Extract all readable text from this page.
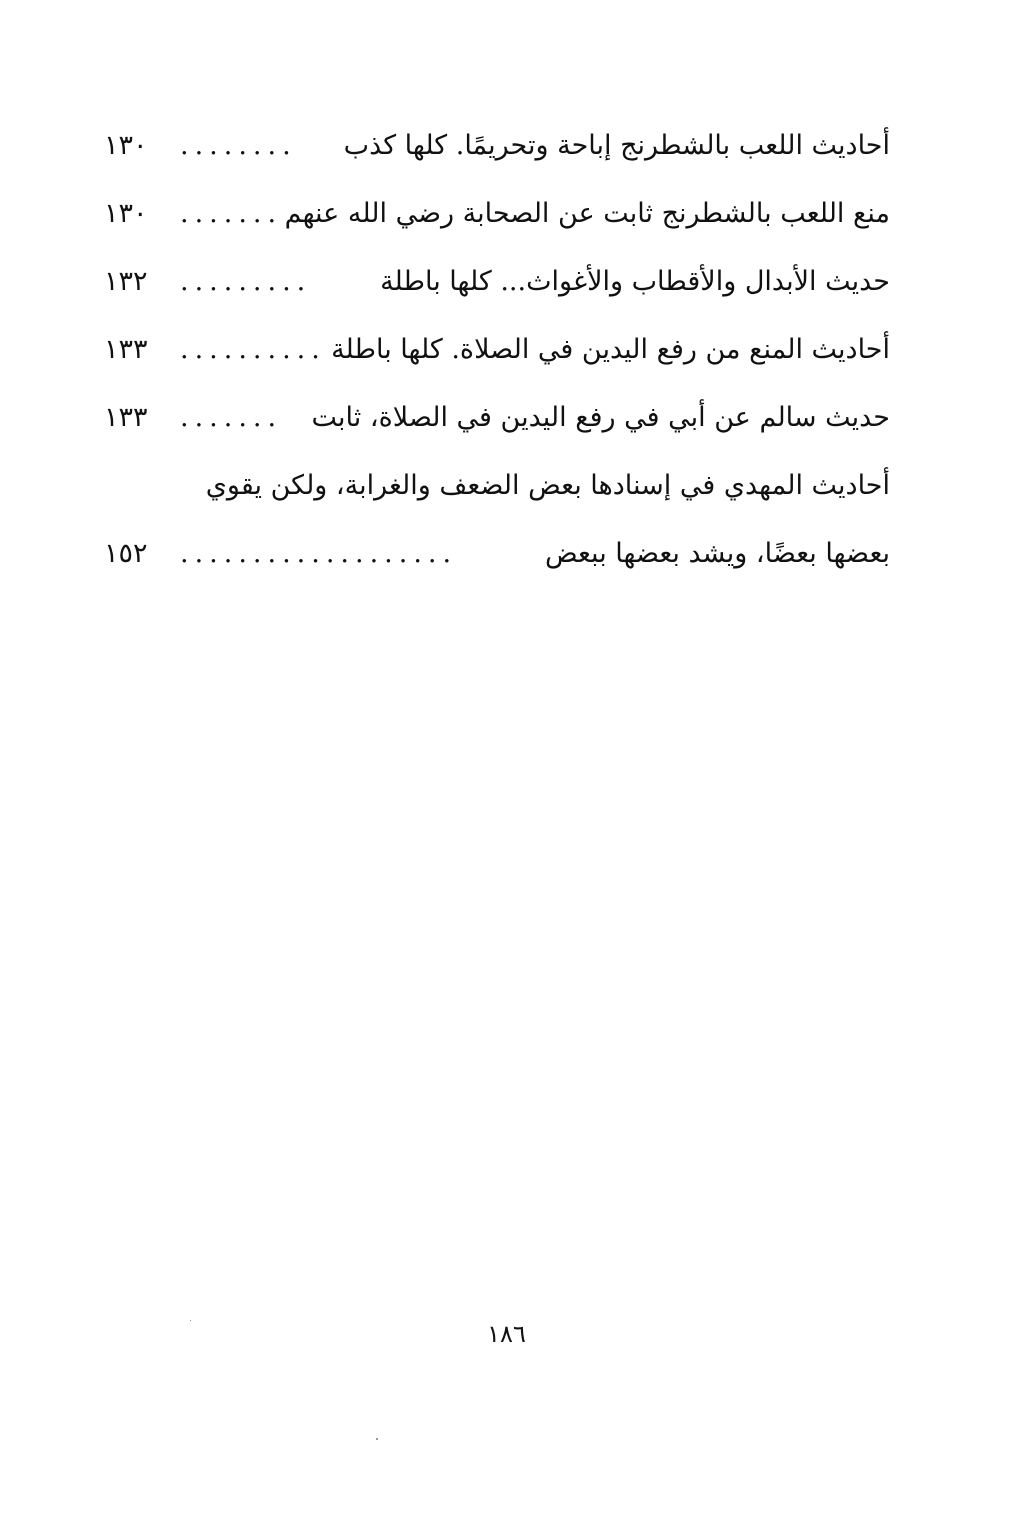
أحاديث اللعب بالشطرنج إباحة وتحريمًا. كلها كذب
........
١٣٠
منع اللعب بالشطرنج ثابت عن الصحابة رضي الله عنهم
.......
١٣٠
حديث الأبدال والأقطاب والأغواث... كلها باطلة
.........
١٣٢
أحاديث المنع من رفع اليدين في الصلاة. كلها باطلة
..........
١٣٣
حديث سالم عن أبي في رفع اليدين في الصلاة، ثابت
.......
١٣٣
أحاديث المهدي في إسنادها بعض الضعف والغرابة، ولكن يقوي
بعضها بعضًا، ويشد بعضها ببعض
...................
١٥٢
١٨٦
